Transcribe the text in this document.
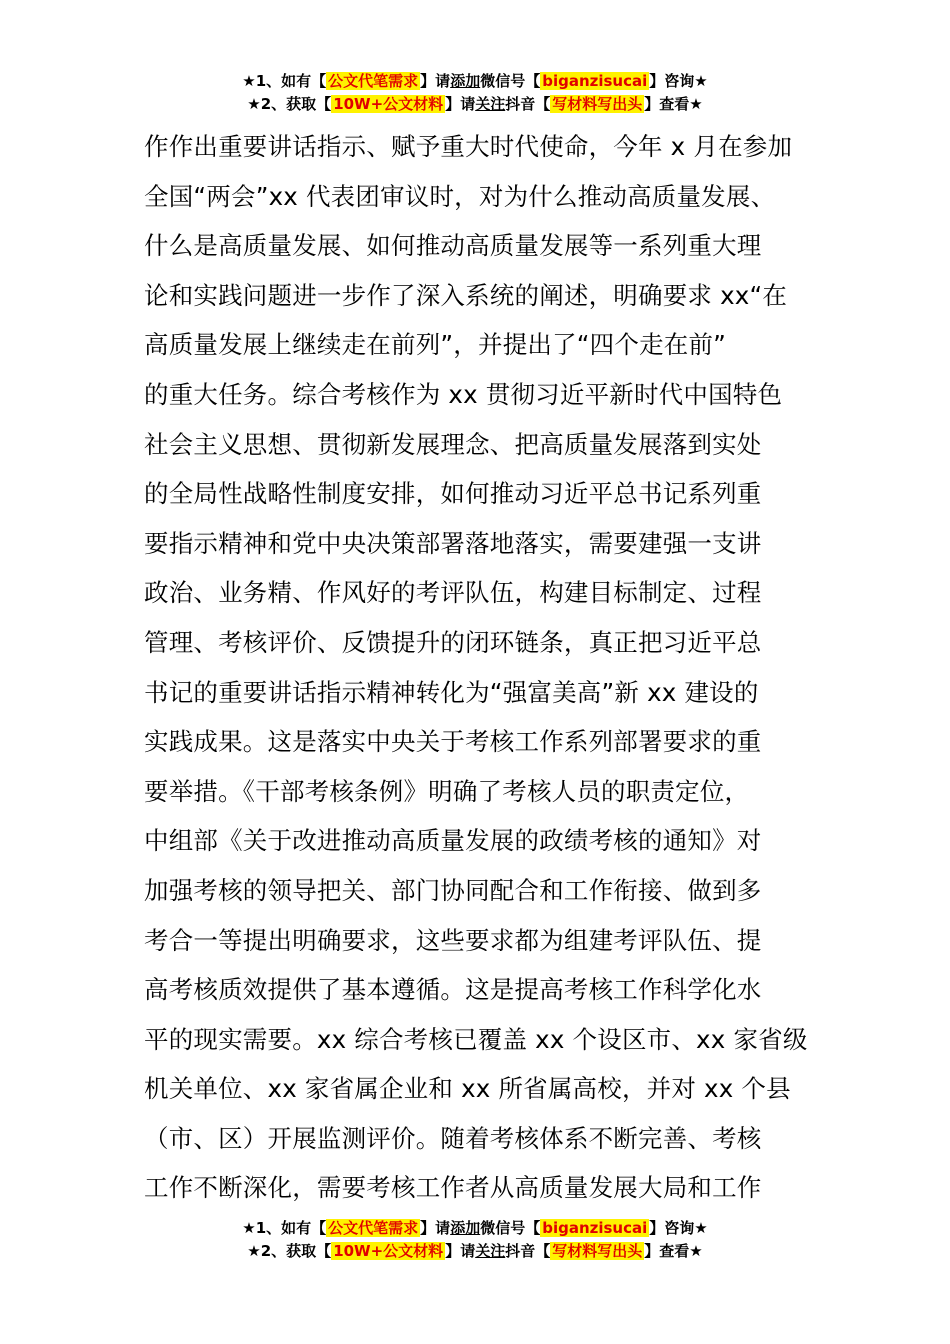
★1、如有【 公文代笔需求 】请添加微信号【 biganzisucai 】咨询★
★2、获取【 10W+公文材料 】请关注抖音【 写材料写出头 】查看★
作作出重要讲话指示、赋予重大时代使命，今年 x 月在参加
全国“两会”xx 代表团审议时，对为什么推动高质量发展、
什么是高质量发展、如何推动高质量发展等一系列重大理
论和实践问题进一步作了深入系统的阐述，明确要求 xx“在
高质量发展上继续走在前列”，并提出了“四个走在前”
的重大任务。综合考核作为 xx 贯彻习近平新时代中国特色
社会主义思想、贯彻新发展理念、把高质量发展落到实处
的全局性战略性制度安排，如何推动习近平总书记系列重
要指示精神和党中央决策部署落地落实，需要建强一支讲
政治、业务精、作风好的考评队伍，构建目标制定、过程
管理、考核评价、反馈提升的闭环链条，真正把习近平总
书记的重要讲话指示精神转化为“强富美高”新 xx 建设的
实践成果。这是落实中央关于考核工作系列部署要求的重
要举措。《干部考核条例》明确了考核人员的职责定位，
中组部《关于改进推动高质量发展的政绩考核的通知》对
加强考核的领导把关、部门协同配合和工作衔接、做到多
考合一等提出明确要求，这些要求都为组建考评队伍、提
高考核质效提供了基本遵循。这是提高考核工作科学化水
平的现实需要。xx 综合考核已覆盖 xx 个设区市、xx 家省级
机关单位、xx 家省属企业和 xx 所省属高校，并对 xx 个县
（市、区）开展监测评价。随着考核体系不断完善、考核
工作不断深化，需要考核工作者从高质量发展大局和工作
★1、如有【 公文代笔需求 】请添加微信号【 biganzisucai 】咨询★
★2、获取【 10W+公文材料 】请关注抖音【 写材料写出头 】查看★
